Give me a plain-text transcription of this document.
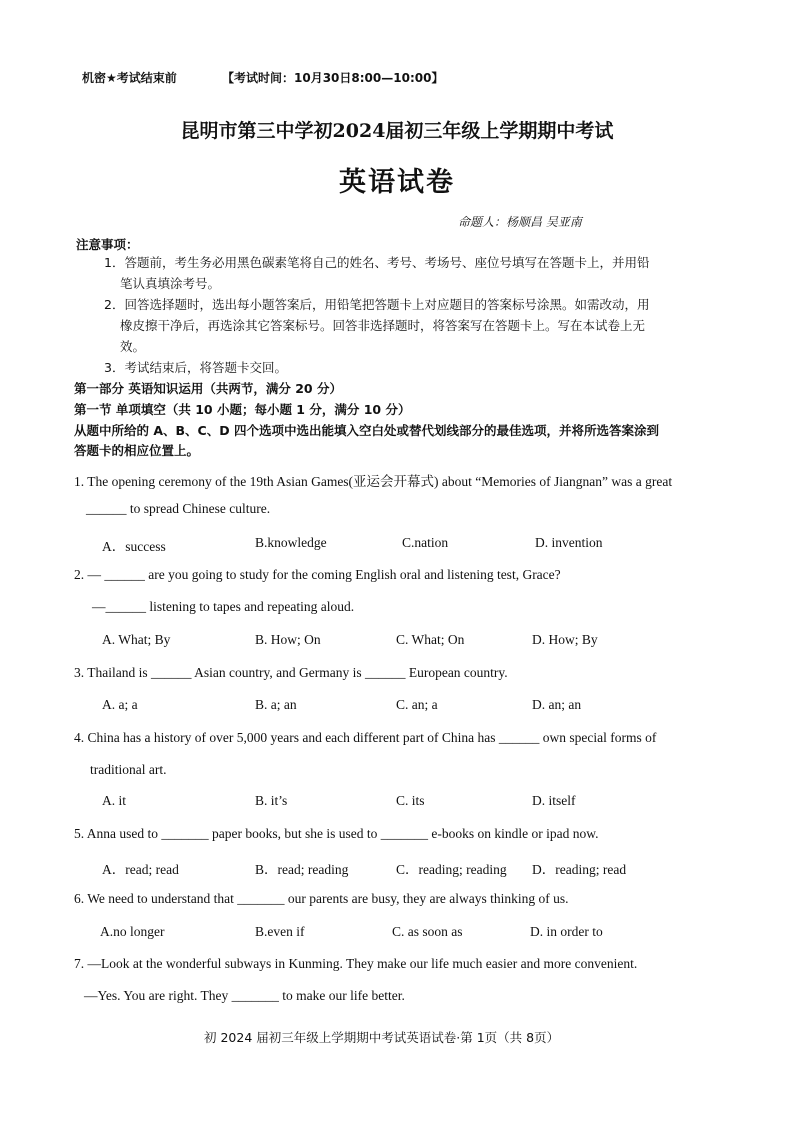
机密★考试结束前	【考试时间：10月30日8:00—10:00】
昆明市第三中学初2024届初三年级上学期期中考试
英语试卷
命题人：杨顺昌 吴亚南
注意事项：
1．答题前，考生务必用黑色碳素笔将自己的姓名、考号、考场号、座位号填写在答题卡上，并用铅
笔认真填涂考号。
2．回答选择题时，选出每小题答案后，用铅笔把答题卡上对应题目的答案标号涂黑。如需改动，用
橡皮擦干净后，再选涂其它答案标号。回答非选择题时，将答案写在答题卡上。写在本试卷上无
效。
3．考试结束后，将答题卡交回。
第一部分 英语知识运用（共两节，满分 20 分）
第一节 单项填空（共 10 小题；每小题 1 分，满分 10 分）
从题中所给的 A、B、C、D 四个选项中选出能填入空白处或替代划线部分的最佳选项，并将所选答案涂到
答题卡的相应位置上。
1. The opening ceremony of the 19th Asian Games(亚运会开幕式) about “Memories of Jiangnan” was a great
______ to spread Chinese culture.
A．success	B.knowledge	C.nation	D. invention
2. — ______ are you going to study for the coming English oral and listening test, Grace?
—______ listening to tapes and repeating aloud.
A. What; By	B. How; On	C. What; On	D. How; By
3. Thailand is ______ Asian country, and Germany is ______ European country.
A. a; a	B. a; an	C. an; a	D. an; an
4. China has a history of over 5,000 years and each different part of China has ______ own special forms of
traditional art.
A. it	B. it’s	C. its	D. itself
5. Anna used to _______ paper books, but she is used to _______ e-books on kindle or ipad now.
A．read; read	B．read; reading	C．reading; reading D．reading; read
6. We need to understand that _______ our parents are busy, they are always thinking of us.
A.no longer	B.even if	C. as soon as	D. in order to
7. —Look at the wonderful subways in Kunming. They make our life much easier and more convenient.
—Yes. You are right. They _______ to make our life better.
初 2024 届初三年级上学期期中考试英语试卷·第 1页（共 8页）
